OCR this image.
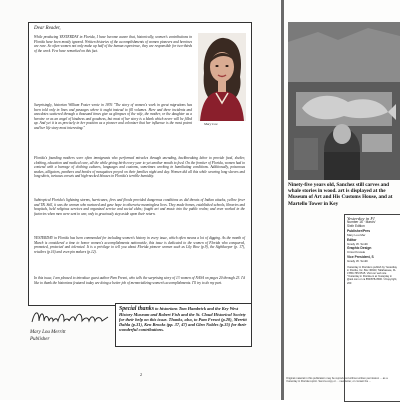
Dear Reader,

While producing YESTERDAY in Florida, I have become aware that, historically, women's contributions in Florida have been mostly ignored. Written histories of the accomplishments of women pioneers and heroines are rare. So often women not only make up half of the human experience, they are responsible for two-thirds of the work. Few have remarked on this fact.

Surprisingly, historian William Foster wrote in 1876 "The story of women's work in great migrations has been told only in lines and passages where it ought instead to fill volumes. Here and there incidents and anecdotes scattered through a thousand times give us glimpses of the wife, the mother, or the daughter as a heroine or as an angel of kindness and goodness, but most of her story is a blank which never will be filled up. And yet it is as precisely in her position as a pioneer and colonizer that her influence is the most potent and her life story most interesting."

Florida's founding mothers were often immigrants who performed miracles through unending, backbreaking labor to provide food, shelter, clothing, education and medical care, all the while giving birth every year to yet another mouth to feed. On the frontier of Florida, women had to contend with a barrage of clothing cultures, languages and customs, sometimes working in humiliating conditions. Additionally, poisonous snakes, alligators, panthers and hordes of mosquitoes preyed on their families night and day. Women did all this while wearing long sleeves and long skirts, tortuous corsets and high-necked blouses in Florida's terrible humidity.

Subtropical Florida's lightning storms, hurricanes, fires and floods provided dangerous conditions as did threats of Indian attacks, yellow fever and TB. Still, it was the women who nurtured and gave hope to otherwise meaningless lives. They made homes, established schools, libraries and hospitals, held religious services and organized service and social clubs; fought art and music into the public realm; and even worked in the factories when men were sent to war, only to graciously step aside upon their return.

YESTERDAY in Florida has been commended for including women's history in every issue, which often means a lot of digging. As the month of March is considered a time to honor women's accomplishments nationwide, this issue is dedicated to the women of Florida who conquered, promoted, protected and tolerated. It is a privilege to tell you about Florida pioneer women such as Lily Bow (p.9), the Sightkeeper (p. 17), retailers (p.16) and even pin makers (p.12).

In this issue, I am pleased to introduce guest author Pam Fresni, who tells the surprising story of 13 women of NASA on pages 20 through 23. I'd like to thank the historians featured today are doing a better job of memorializing women's accomplishments. I'll try to do my part.

Mary Lou
Mary Lou Merritt
Publisher
Special thanks to historians Tom Hambrick and the Key West History Museum and Robert Fish and the St. Cloud Historical Society for their help on this issue. Thanks, also, to Pam Fresni (p.20), Merritt Dahla (p.31), Ken Brooks (pp. 37, 47) and Glen Nobles (p.35) for their wonderful contributions.
2

Ninety-five years old, Sanchez still carves and whale stories in wood. art is displayed at the Museum of Art and His Customs House, and at Martello Tower in Key

Yesterday in Fl
Number 16 · March/
Sixth Edition
Publisher/Pres
Mary Lou Mer
Editor
Grady W. Smith
Graphic Design
Crissi Knowle
Vice President, S
Grady W. Smith
Yesterday in Florida is publish by Yesterday in Florida, Inc. Box 30943, Tallahassee, FL 3 850-765-5515. Visit our web site "Yesterday in Florida.co at Yesterday in @aol.com or ca 850/878-3500. ©Copyright, 200

Original material in this publication may be reproduced without written permission ... as a Yesterday in Florida reprint. Send a copy or ... newsletter, or contact the ...
